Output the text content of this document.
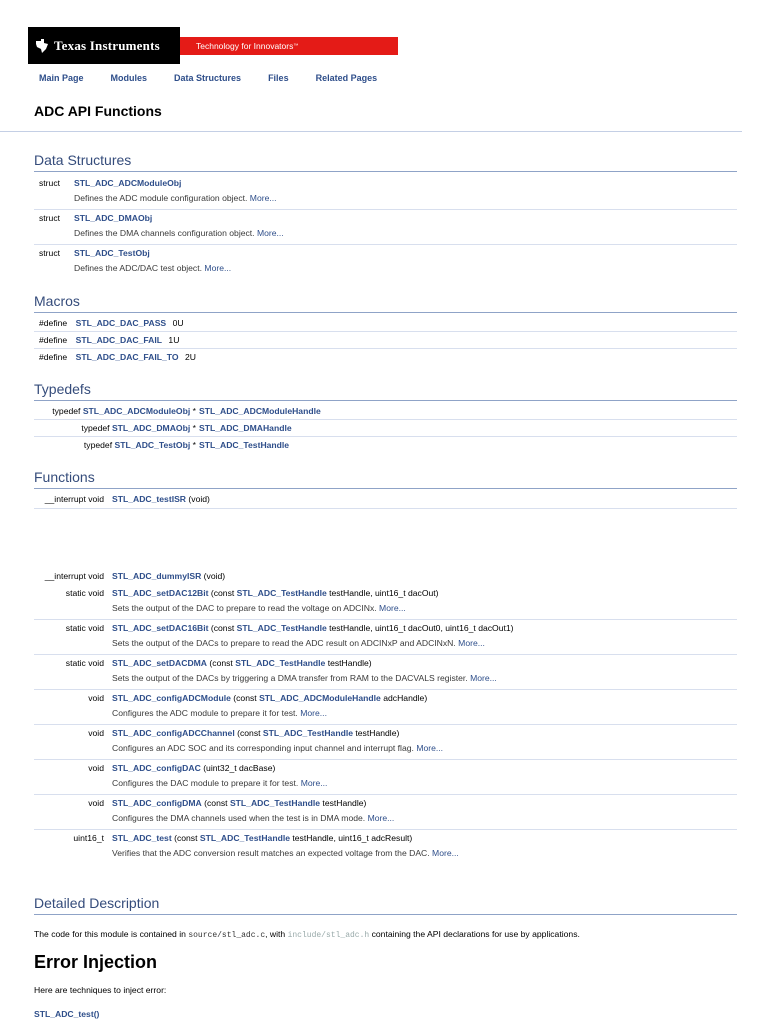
Texas Instruments	Technology for Innovators ™
Main Page	Modules	Data Structures	Files	Related Pages
ADC API Functions
Data Structures
struct STL_ADC_ADCModuleObj
Defines the ADC module configuration object. More...
struct STL_ADC_DMAObj
Defines the DMA channels configuration object. More...
struct STL_ADC_TestObj
Defines the ADC/DAC test object. More...
Macros
#define STL_ADC_DAC_PASS 0U
#define STL_ADC_DAC_FAIL 1U
#define STL_ADC_DAC_FAIL_TO 2U
Typedefs
typedef STL_ADC_ADCModuleObj * STL_ADC_ADCModuleHandle
typedef STL_ADC_DMAObj * STL_ADC_DMAHandle
typedef STL_ADC_TestObj * STL_ADC_TestHandle
Functions
__interrupt void STL_ADC_testISR (void)
__interrupt void STL_ADC_dummyISR (void)
static void STL_ADC_setDAC12Bit (const STL_ADC_TestHandle testHandle, uint16_t dacOut)
Sets the output of the DAC to prepare to read the voltage on ADCINx. More...
static void STL_ADC_setDAC16Bit (const STL_ADC_TestHandle testHandle, uint16_t dacOut0, uint16_t dacOut1)
Sets the output of the DACs to prepare to read the ADC result on ADCINxP and ADCINxN. More...
static void STL_ADC_setDACDMA (const STL_ADC_TestHandle testHandle)
Sets the output of the DACs by triggering a DMA transfer from RAM to the DACVALS register. More...
void STL_ADC_configADCModule (const STL_ADC_ADCModuleHandle adcHandle)
Configures the ADC module to prepare it for test. More...
void STL_ADC_configADCChannel (const STL_ADC_TestHandle testHandle)
Configures an ADC SOC and its corresponding input channel and interrupt flag. More...
void STL_ADC_configDAC (uint32_t dacBase)
Configures the DAC module to prepare it for test. More...
void STL_ADC_configDMA (const STL_ADC_TestHandle testHandle)
Configures the DMA channels used when the test is in DMA mode. More...
uint16_t STL_ADC_test (const STL_ADC_TestHandle testHandle, uint16_t adcResult)
Verifies that the ADC conversion result matches an expected voltage from the DAC. More...
Detailed Description
The code for this module is contained in source/stl_adc.c, with include/stl_adc.h containing the API declarations for use by applications.
Error Injection
Here are techniques to inject error:
STL_ADC_test()
